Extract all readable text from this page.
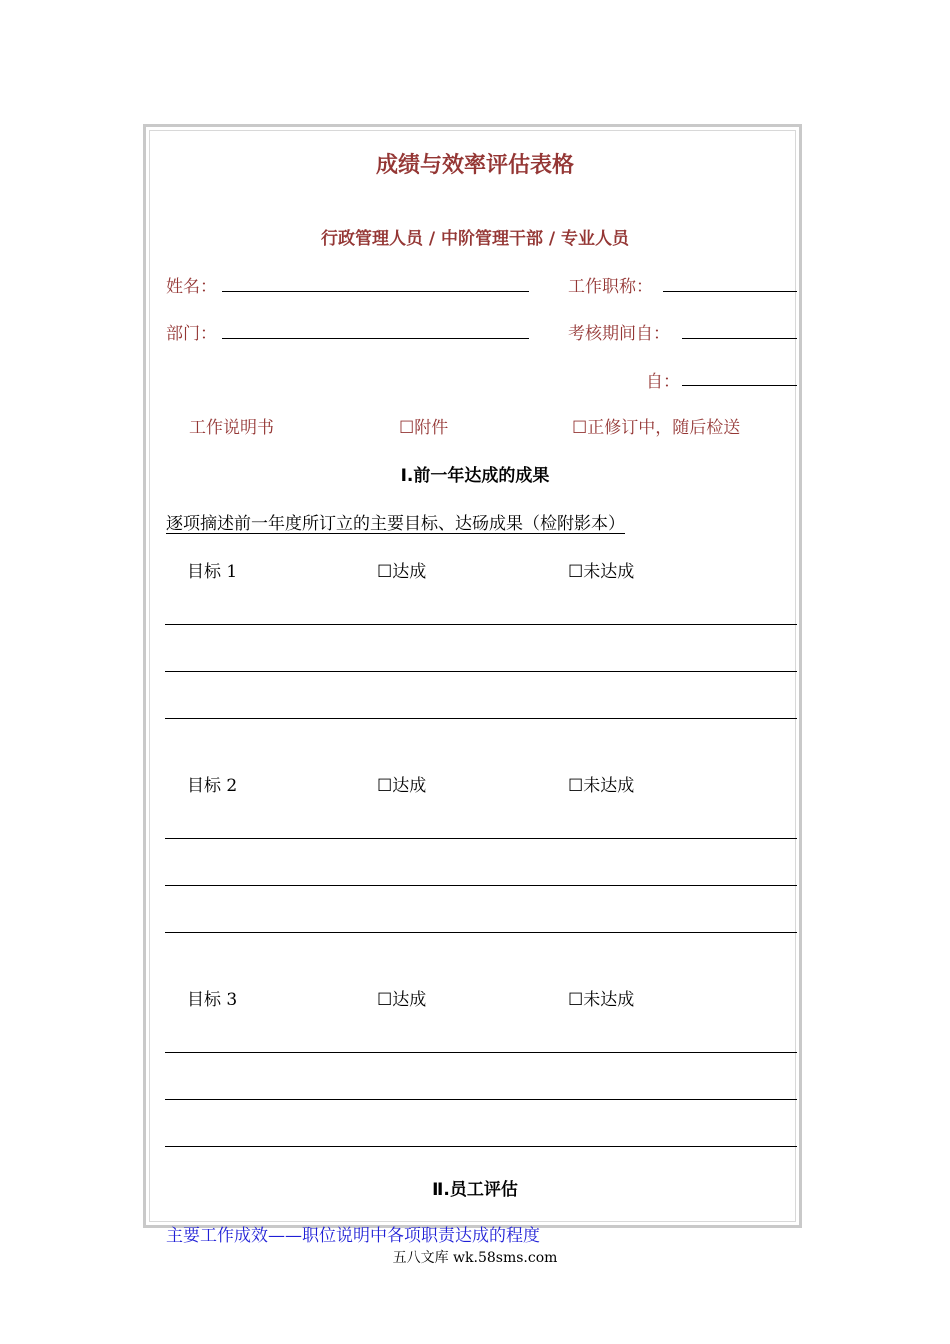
成绩与效率评估表格
行政管理人员 / 中阶管理干部 / 专业人员
姓名：	工作职称：
部门：	考核期间自：
自：
工作说明书	☐附件	☐正修订中，随后检送
Ⅰ.前一年达成的成果
逐项摘述前一年度所订立的主要目标、达砀成果（检附影本）
目标 1	☐达成	☐未达成
目标 2	☐达成	☐未达成
目标 3	☐达成	☐未达成
Ⅱ.员工评估
主要工作成效——职位说明中各项职责达成的程度
五八文库 wk.58sms.com
